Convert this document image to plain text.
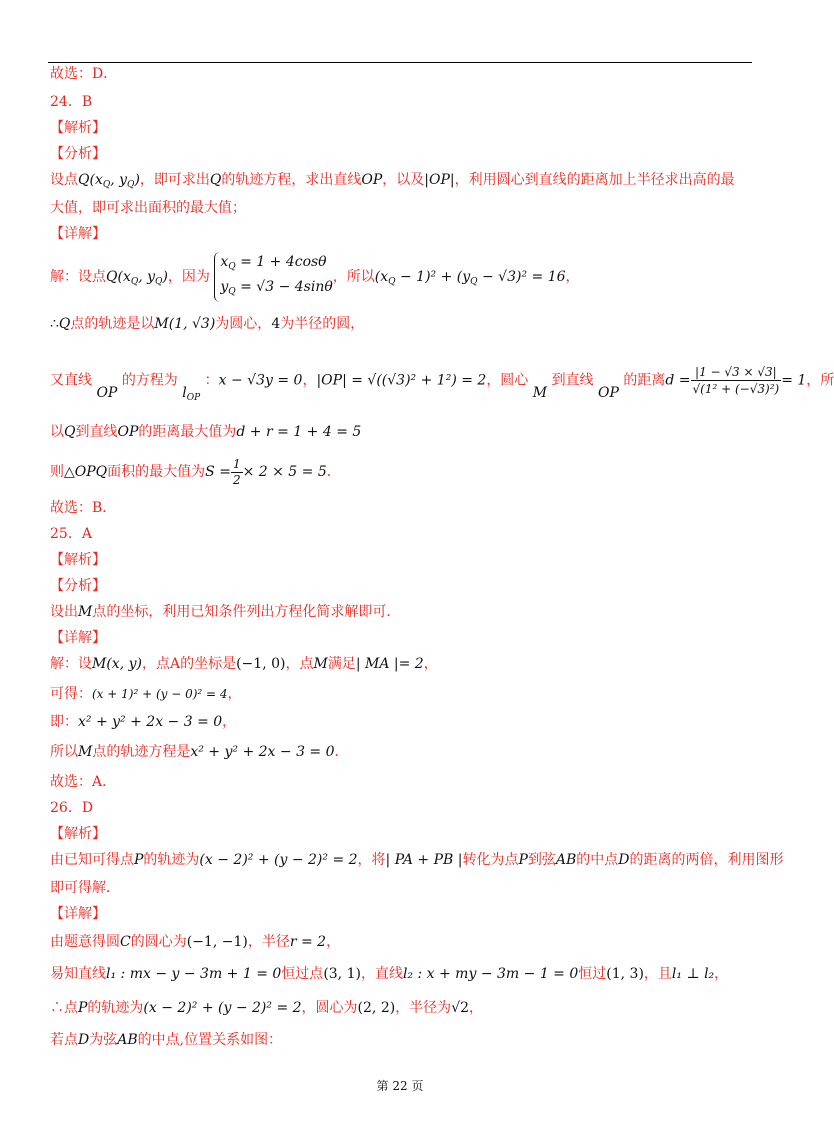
故选：D．
24．B
【解析】
【分析】
设点$Q(x_Q$, $y_Q$)，即可求出Q的轨迹方程，求出直线OP，以及|OP|，利用圆心到直线的距离加上半径求出高的最
大值，即可求出面积的最大值；
【详解】
解：设点$Q(x_Q$, $y_Q$)，因为 $x_Q = 1 + 4\cos\theta$
$y_Q = √3 - 4\sin\theta$，所以$(x_Q - 1)^2 + (y_Q - √3)^2 = 16$，
∴Q点的轨迹是以M(1, √3)为圆心，4为半径的圆，
又直线 OP 的方程为 $l_{OP}$ ：x − √3y = 0，|OP| = √((√3)² + 1²) = 2，圆心 M 到直线 OP 的距离$d = \frac{|1 - √3 \times √3|}{\text{√(1² + (−√3)²)}} = 1$，所
以Q到直线OP的距离最大值为d + r = 1 + 4 = 5
则△OPQ面积的最大值为$S = \frac{1}{2} \times 2 \times 5 = 5$．
故选：B．
25．A
【解析】
【分析】
设出M点的坐标，利用已知条件列出方程化简求解即可．
【详解】
解：设M(x, y)，点A的坐标是(−1, 0)，点M满足| MA |= 2，
可得：(x + 1)² + (y − 0)² = 4，
即：x² + y² + 2x − 3 = 0，
所以M点的轨迹方程是x² + y² + 2x − 3 = 0．
故选：A．
26．D
【解析】
由已知可得点P的轨迹为(x − 2)² + (y − 2)² = 2，将| PA + PB |转化为点P到弦AB的中点D的距离的两倍，利用图形
即可得解．
【详解】
由题意得圆C的圆心为(−1, −1)，半径r = 2，
易知直线l₁ : mx − y − 3m + 1 = 0恒过点(3, 1)，直线l₂ : x + my − 3m − 1 = 0恒过(1, 3)，且l₁ ⊥ l₂，
∴点P的轨迹为(x − 2)² + (y − 2)² = 2，圆心为(2, 2)，半径为√2，
若点D为弦AB的中点,位置关系如图：
第 22 页
